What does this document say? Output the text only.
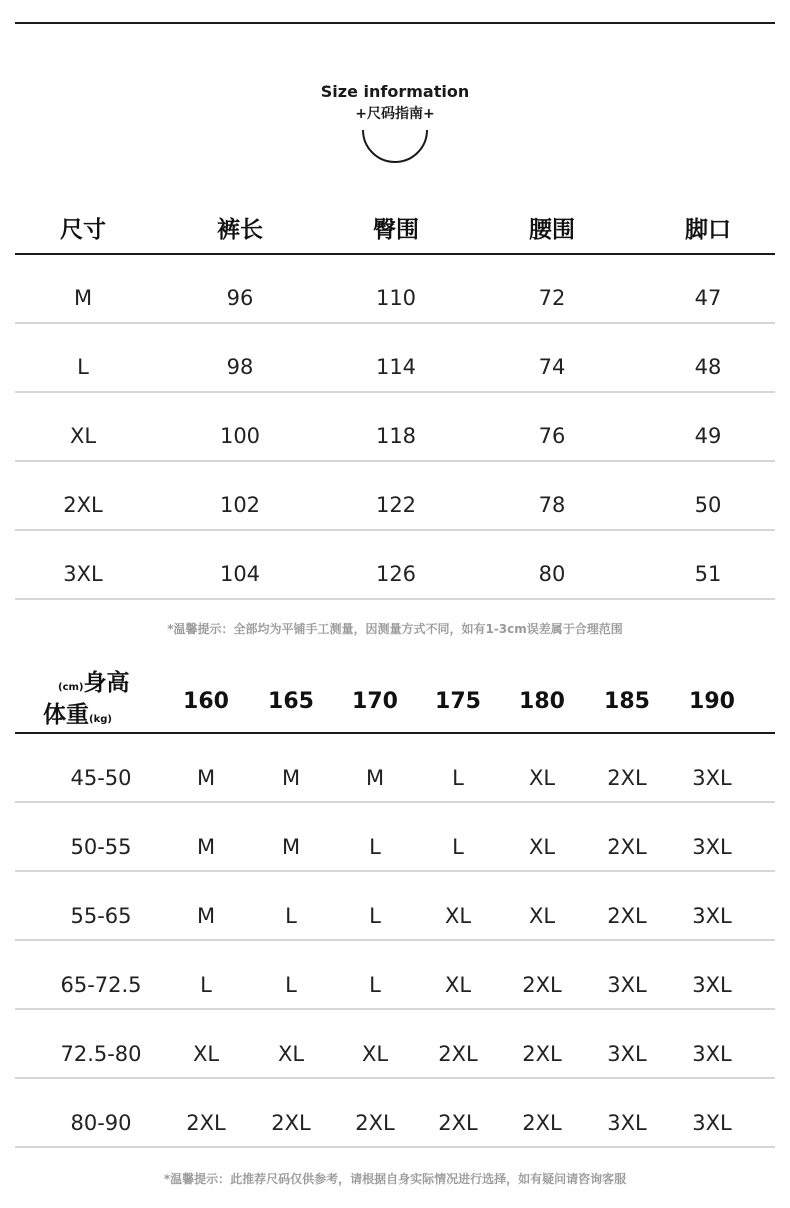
Size information
+尺码指南+
尺寸	裤长	臀围	腰围	脚口
M	96	110	72	47
L	98	114	74	48
XL	100	118	76	49
2XL	102	122	78	50
3XL	104	126	80	51
*温馨提示：全部均为平铺手工测量，因测量方式不同，如有1-3cm误差属于合理范围
(cm)身高
体重(kg)
160	165	170	175	180	185	190
45-50	M	M	M	L	XL	2XL	3XL
50-55	M	M	L	L	XL	2XL	3XL
55-65	M	L	L	XL	XL	2XL	3XL
65-72.5	L	L	L	XL	2XL	3XL	3XL
72.5-80	XL	XL	XL	2XL	2XL	3XL	3XL
80-90	2XL	2XL	2XL	2XL	2XL	3XL	3XL
*温馨提示：此推荐尺码仅供参考，请根据自身实际情况进行选择，如有疑问请咨询客服
